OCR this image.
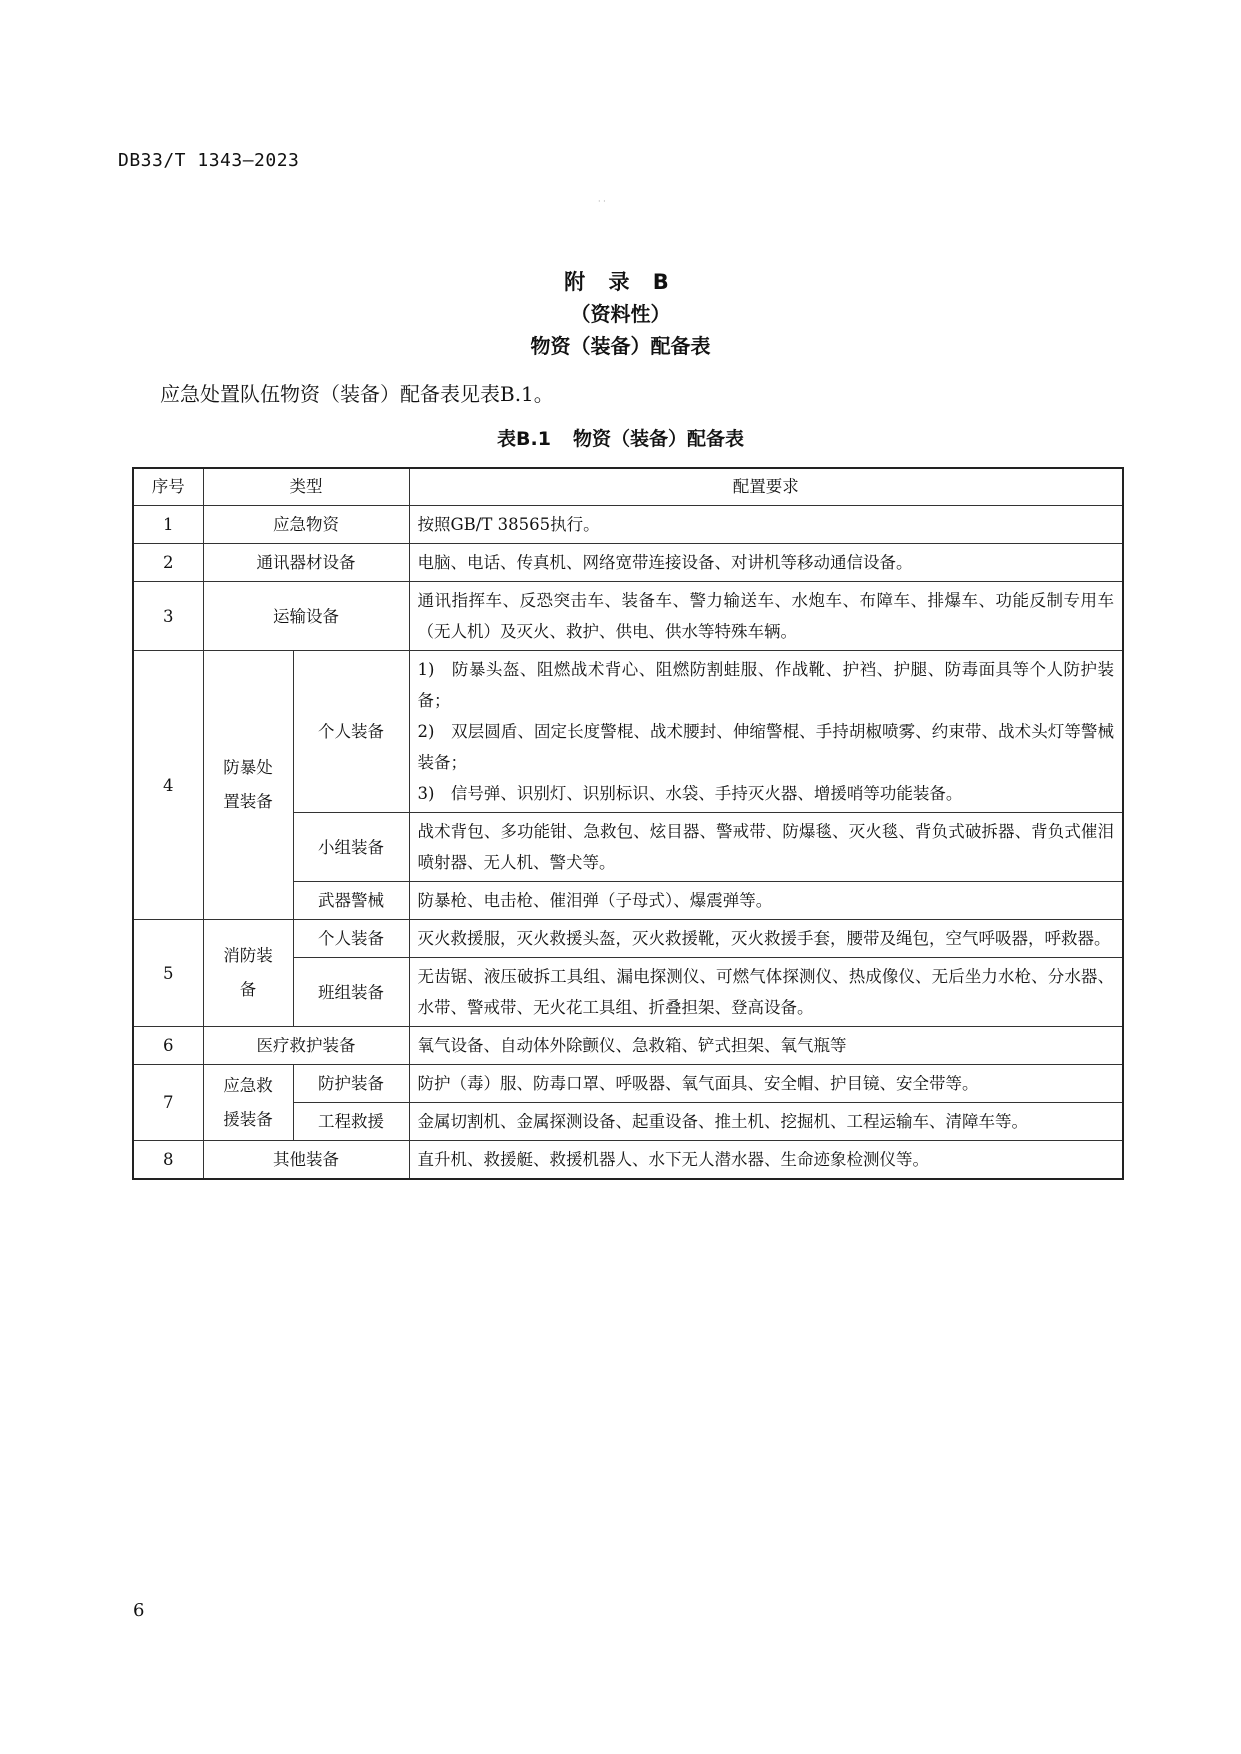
DB33/T 1343—2023
· ·
附 录 B
（资料性）
物资（装备）配备表
应急处置队伍物资（装备）配备表见表B.1。
表B.1 物资（装备）配备表
序号	类型		配置要求
1	应急物资		按照GB/T 38565执行。
2	通讯器材设备		电脑、电话、传真机、网络宽带连接设备、对讲机等移动通信设备。
3	运输设备		通讯指挥车、反恐突击车、装备车、警力输送车、水炮车、布障车、排爆车、功能反制专用车（无人机）及灭火、救护、供电、供水等特殊车辆。
4	防暴处置装备	个人装备	1)　防暴头盔、阻燃战术背心、阻燃防割蛙服、作战靴、护裆、护腿、防毒面具等个人防护装备；
2)　双层圆盾、固定长度警棍、战术腰封、伸缩警棍、手持胡椒喷雾、约束带、战术头灯等警械装备；
3)　信号弹、识别灯、识别标识、水袋、手持灭火器、增援哨等功能装备。

		小组装备	战术背包、多功能钳、急救包、炫目器、警戒带、防爆毯、灭火毯、背负式破拆器、背负式催泪喷射器、无人机、警犬等。
		武器警械	防暴枪、电击枪、催泪弹（子母式）、爆震弹等。
5	消防装备	个人装备	灭火救援服，灭火救援头盔，灭火救援靴，灭火救援手套，腰带及绳包，空气呼吸器，呼救器。
		班组装备	无齿锯、液压破拆工具组、漏电探测仪、可燃气体探测仪、热成像仪、无后坐力水枪、分水器、水带、警戒带、无火花工具组、折叠担架、登高设备。
6	医疗救护装备		氧气设备、自动体外除颤仪、急救箱、铲式担架、氧气瓶等
7	应急救援装备	防护装备	防护（毒）服、防毒口罩、呼吸器、氧气面具、安全帽、护目镜、安全带等。
		工程救援	金属切割机、金属探测设备、起重设备、推土机、挖掘机、工程运输车、清障车等。
8	其他装备		直升机、救援艇、救援机器人、水下无人潜水器、生命迹象检测仪等。
6
